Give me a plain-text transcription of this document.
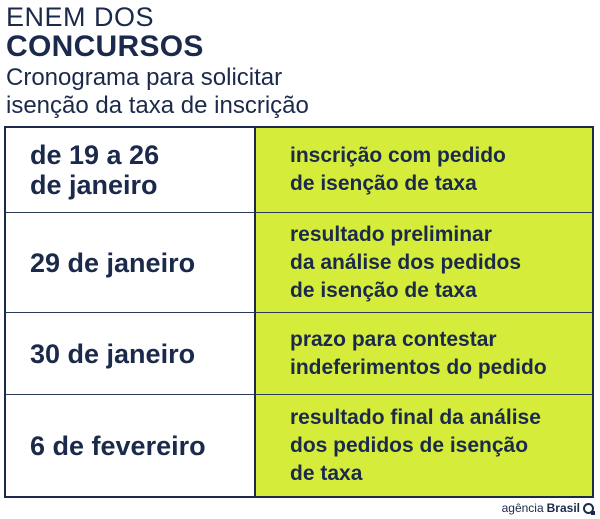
ENEM DOS
CONCURSOS
Cronograma para solicitar
isenção da taxa de inscrição
de 19 a 26
de janeiro
inscrição com pedido
de isenção de taxa
29 de janeiro
resultado preliminar
da análise dos pedidos
de isenção de taxa
30 de janeiro	prazo para contestar
indeferimentos do pedido
6 de fevereiro
resultado final da análise
dos pedidos de isenção
de taxa
agência Brasil
